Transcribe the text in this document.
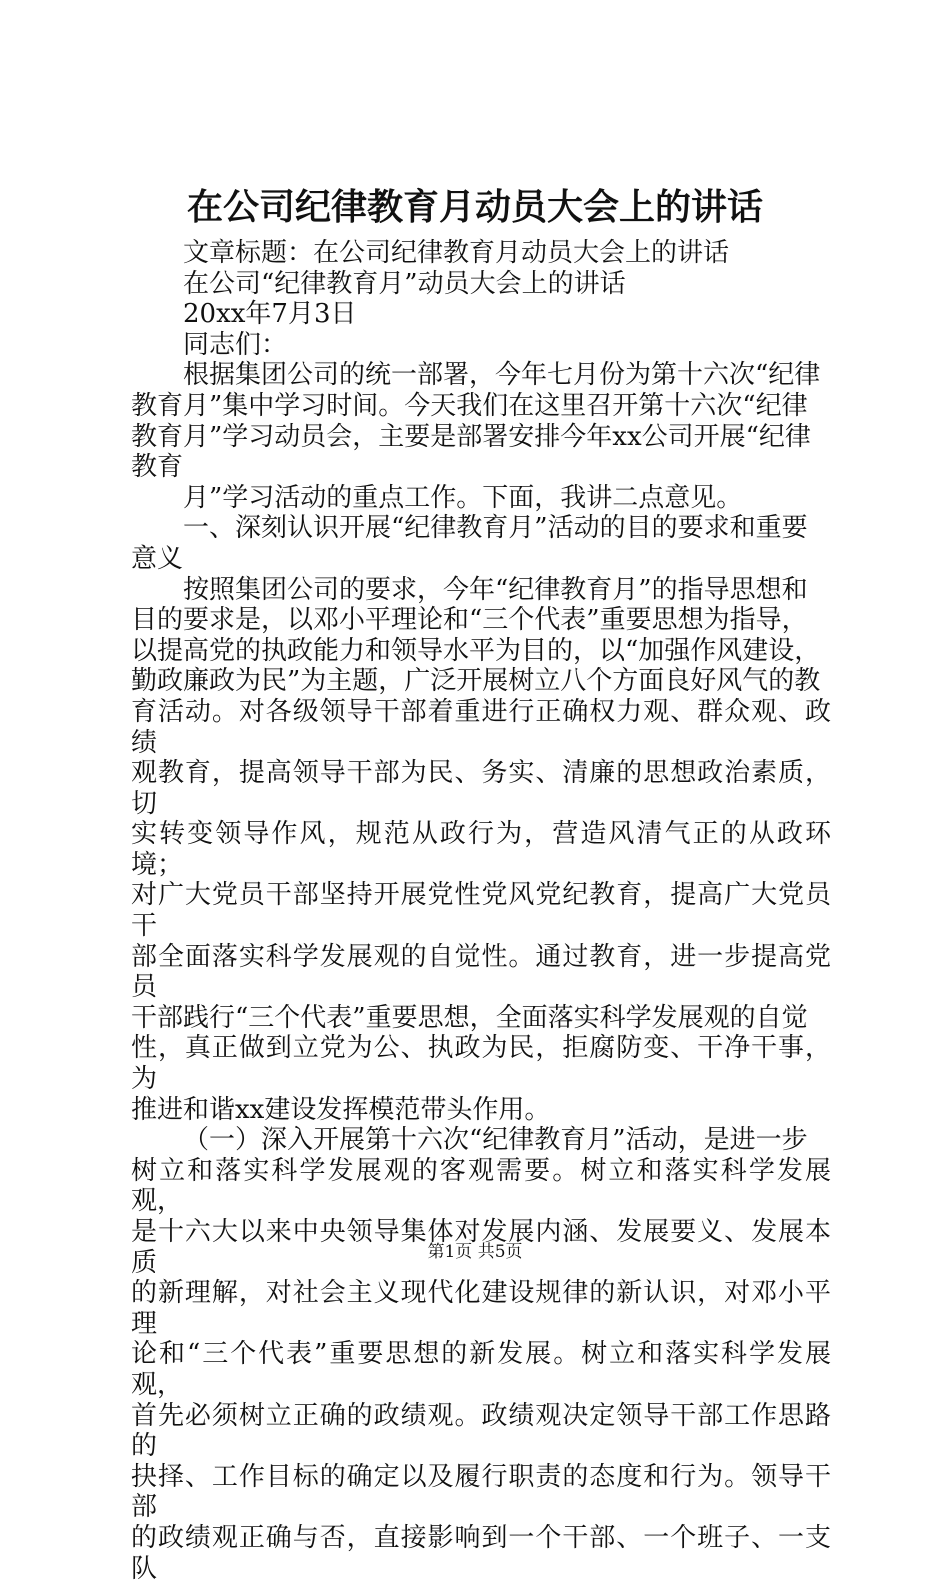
在公司纪律教育月动员大会上的讲话

文章标题：在公司纪律教育月动员大会上的讲话

在公司“纪律教育月”动员大会上的讲话

20xx年7月3日

同志们：

根据集团公司的统一部署，今年七月份为第十六次“纪律
教育月”集中学习时间。今天我们在这里召开第十六次“纪律
教育月”学习动员会，主要是部署安排今年xx公司开展“纪律
教育

月”学习活动的重点工作。下面，我讲二点意见。

一、深刻认识开展“纪律教育月”活动的目的要求和重要
意义

按照集团公司的要求，今年“纪律教育月”的指导思想和
目的要求是，以邓小平理论和“三个代表”重要思想为指导，
以提高党的执政能力和领导水平为目的，以“加强作风建设，
勤政廉政为民”为主题，广泛开展树立八个方面良好风气的教
育活动。对各级领导干部着重进行正确权力观、群众观、政绩
观教育，提高领导干部为民、务实、清廉的思想政治素质，切
实转变领导作风，规范从政行为，营造风清气正的从政环境；
对广大党员干部坚持开展党性党风党纪教育，提高广大党员干
部全面落实科学发展观的自觉性。通过教育，进一步提高党员
干部践行“三个代表”重要思想，全面落实科学发展观的自觉
性，真正做到立党为公、执政为民，拒腐防变、干净干事，为
推进和谐xx建设发挥模范带头作用。

（一）深入开展第十六次“纪律教育月”活动，是进一步
树立和落实科学发展观的客观需要。树立和落实科学发展观，
是十六大以来中央领导集体对发展内涵、发展要义、发展本质
的新理解，对社会主义现代化建设规律的新认识，对邓小平理
论和“三个代表”重要思想的新发展。树立和落实科学发展观，
首先必须树立正确的政绩观。政绩观决定领导干部工作思路的
抉择、工作目标的确定以及履行职责的态度和行为。领导干部
的政绩观正确与否，直接影响到一个干部、一个班子、一支队

第1页 共5页
